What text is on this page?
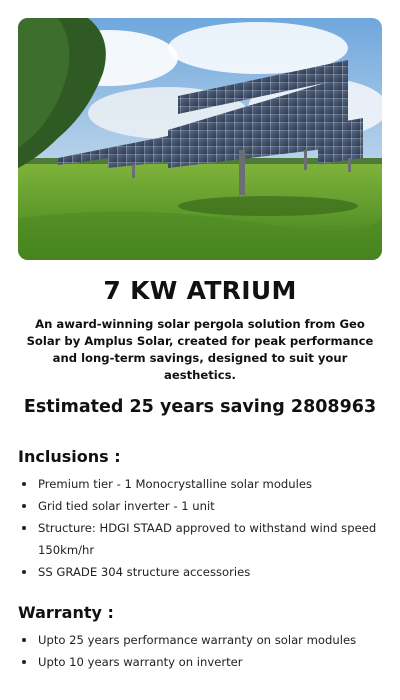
7 KW ATRIUM
An award-winning solar pergola solution from Geo Solar by Amplus Solar, created for peak performance and long-term savings, designed to suit your aesthetics.
Estimated 25 years saving 2808963
Inclusions :
Premium tier - 1 Monocrystalline solar modules
Grid tied solar inverter - 1 unit
Structure: HDGI STAAD approved to withstand wind speed 150km/hr
SS GRADE 304 structure accessories
Warranty :
Upto 25 years performance warranty on solar modules
Upto 10 years warranty on inverter
